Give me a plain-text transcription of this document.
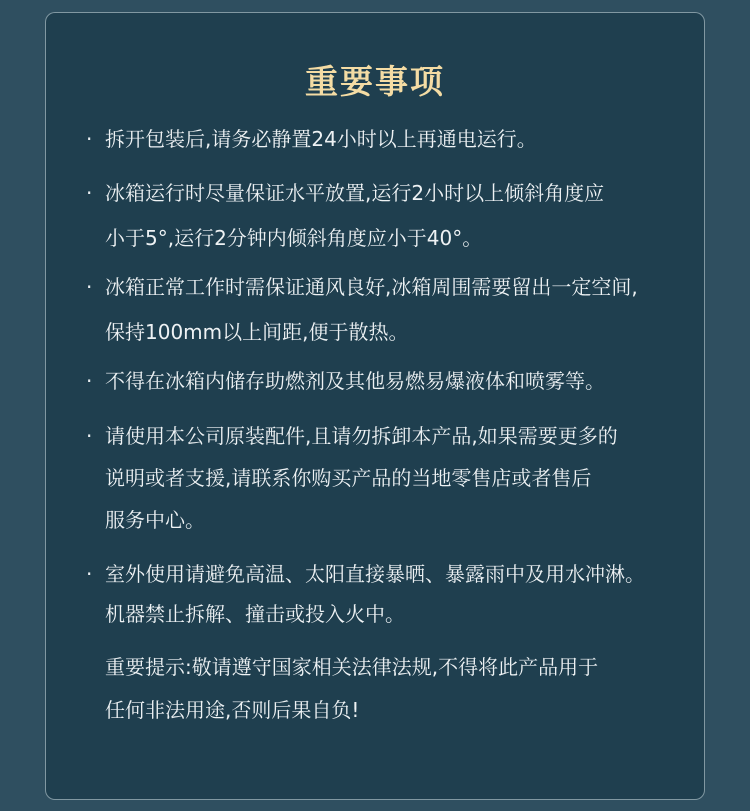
重要事项
· 拆开包装后,请务必静置24小时以上再通电运行。
· 冰箱运行时尽量保证水平放置,运行2小时以上倾斜角度应
小于5°,运行2分钟内倾斜角度应小于40°。
· 冰箱正常工作时需保证通风良好,冰箱周围需要留出一定空间,
保持100mm以上间距,便于散热。
· 不得在冰箱内储存助燃剂及其他易燃易爆液体和喷雾等。
· 请使用本公司原装配件,且请勿拆卸本产品,如果需要更多的
说明或者支援,请联系你购买产品的当地零售店或者售后
服务中心。
· 室外使用请避免高温、太阳直接暴晒、暴露雨中及用水冲淋。
机器禁止拆解、撞击或投入火中。
重要提示:敬请遵守国家相关法律法规,不得将此产品用于
任何非法用途,否则后果自负!
